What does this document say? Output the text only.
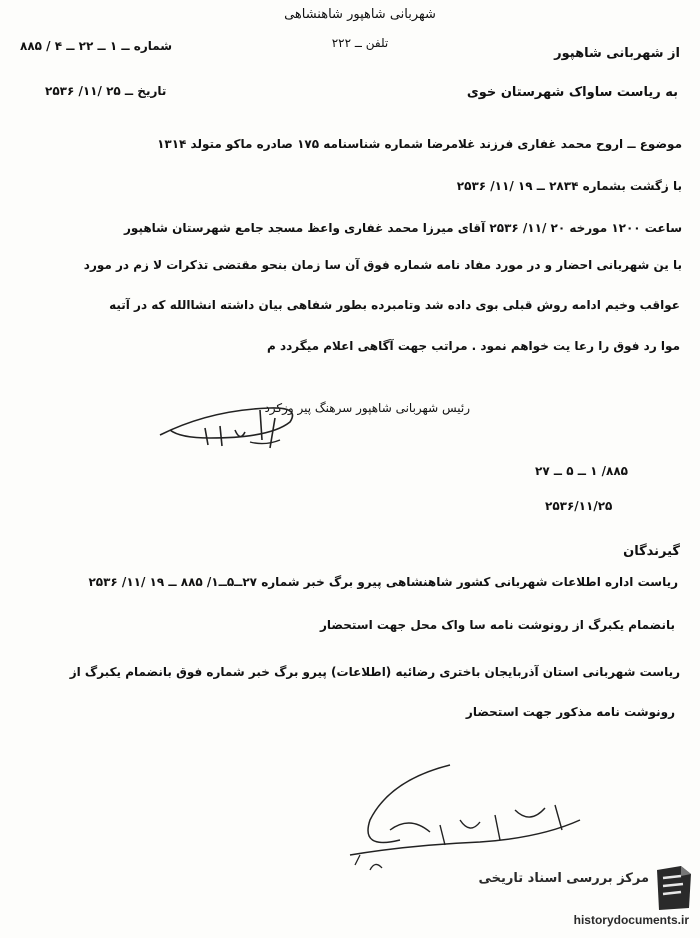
شهربانی شاهپور شاهنشاهی
تلفن ــ ۲۲۲
شماره ــ ۱ ــ ۲۲ ــ ۴ / ۸۸۵	از شهربانی شاهپور
تاریخ ــ ۲۵ /۱۱/ ۲۵۳۶	به ریاست ساواک شهرستان خوی
موضوع ــ اروح محمد غفاری فرزند غلامرضا شماره شناسنامه ۱۷۵ صادره ماکو متولد ۱۳۱۴
با زگشت بشماره ۲۸۳۴ ــ ۱۹ /۱۱/ ۲۵۳۶
ساعت ۱۲۰۰ مورخه ۲۰ /۱۱/ ۲۵۳۶ آقای میرزا محمد غفاری واعظ مسجد جامع شهرستان شاهپور
با ین شهربانی احضار و در مورد مفاد نامه شماره فوق آن سا زمان بنحو مقتضی تذکرات لا زم در مورد
عواقب وخیم ادامه روش قبلی بوی داده شد وتامبرده بطور شفاهی بیان داشته انشاالله که در آتیه
موا رد فوق را رعا یت خواهم نمود . مراتب جهت آگاهی اعلام میگردد م
رئیس شهربانی شاهپور سرهنگ پیر وزکرد
۸۸۵/ ۱ ــ ۵ ــ ۲۷
۲۵۳۶/۱۱/۲۵
گیرندگان
ریاست اداره اطلاعات شهربانی کشور شاهنشاهی پیرو برگ خبر شماره ۲۷ــ۵ــ۱/ ۸۸۵ ــ ۱۹ /۱۱/ ۲۵۳۶
بانضمام یکبرگ از رونوشت نامه سا واک محل جهت استحضار
ریاست شهربانی استان آذربایجان باختری رضائیه (اطلاعات) پیرو برگ خبر شماره فوق بانضمام یکبرگ از
رونوشت نامه مذکور جهت استحضار
مرکز بررسی اسناد تاریخی
historydocuments.ir
